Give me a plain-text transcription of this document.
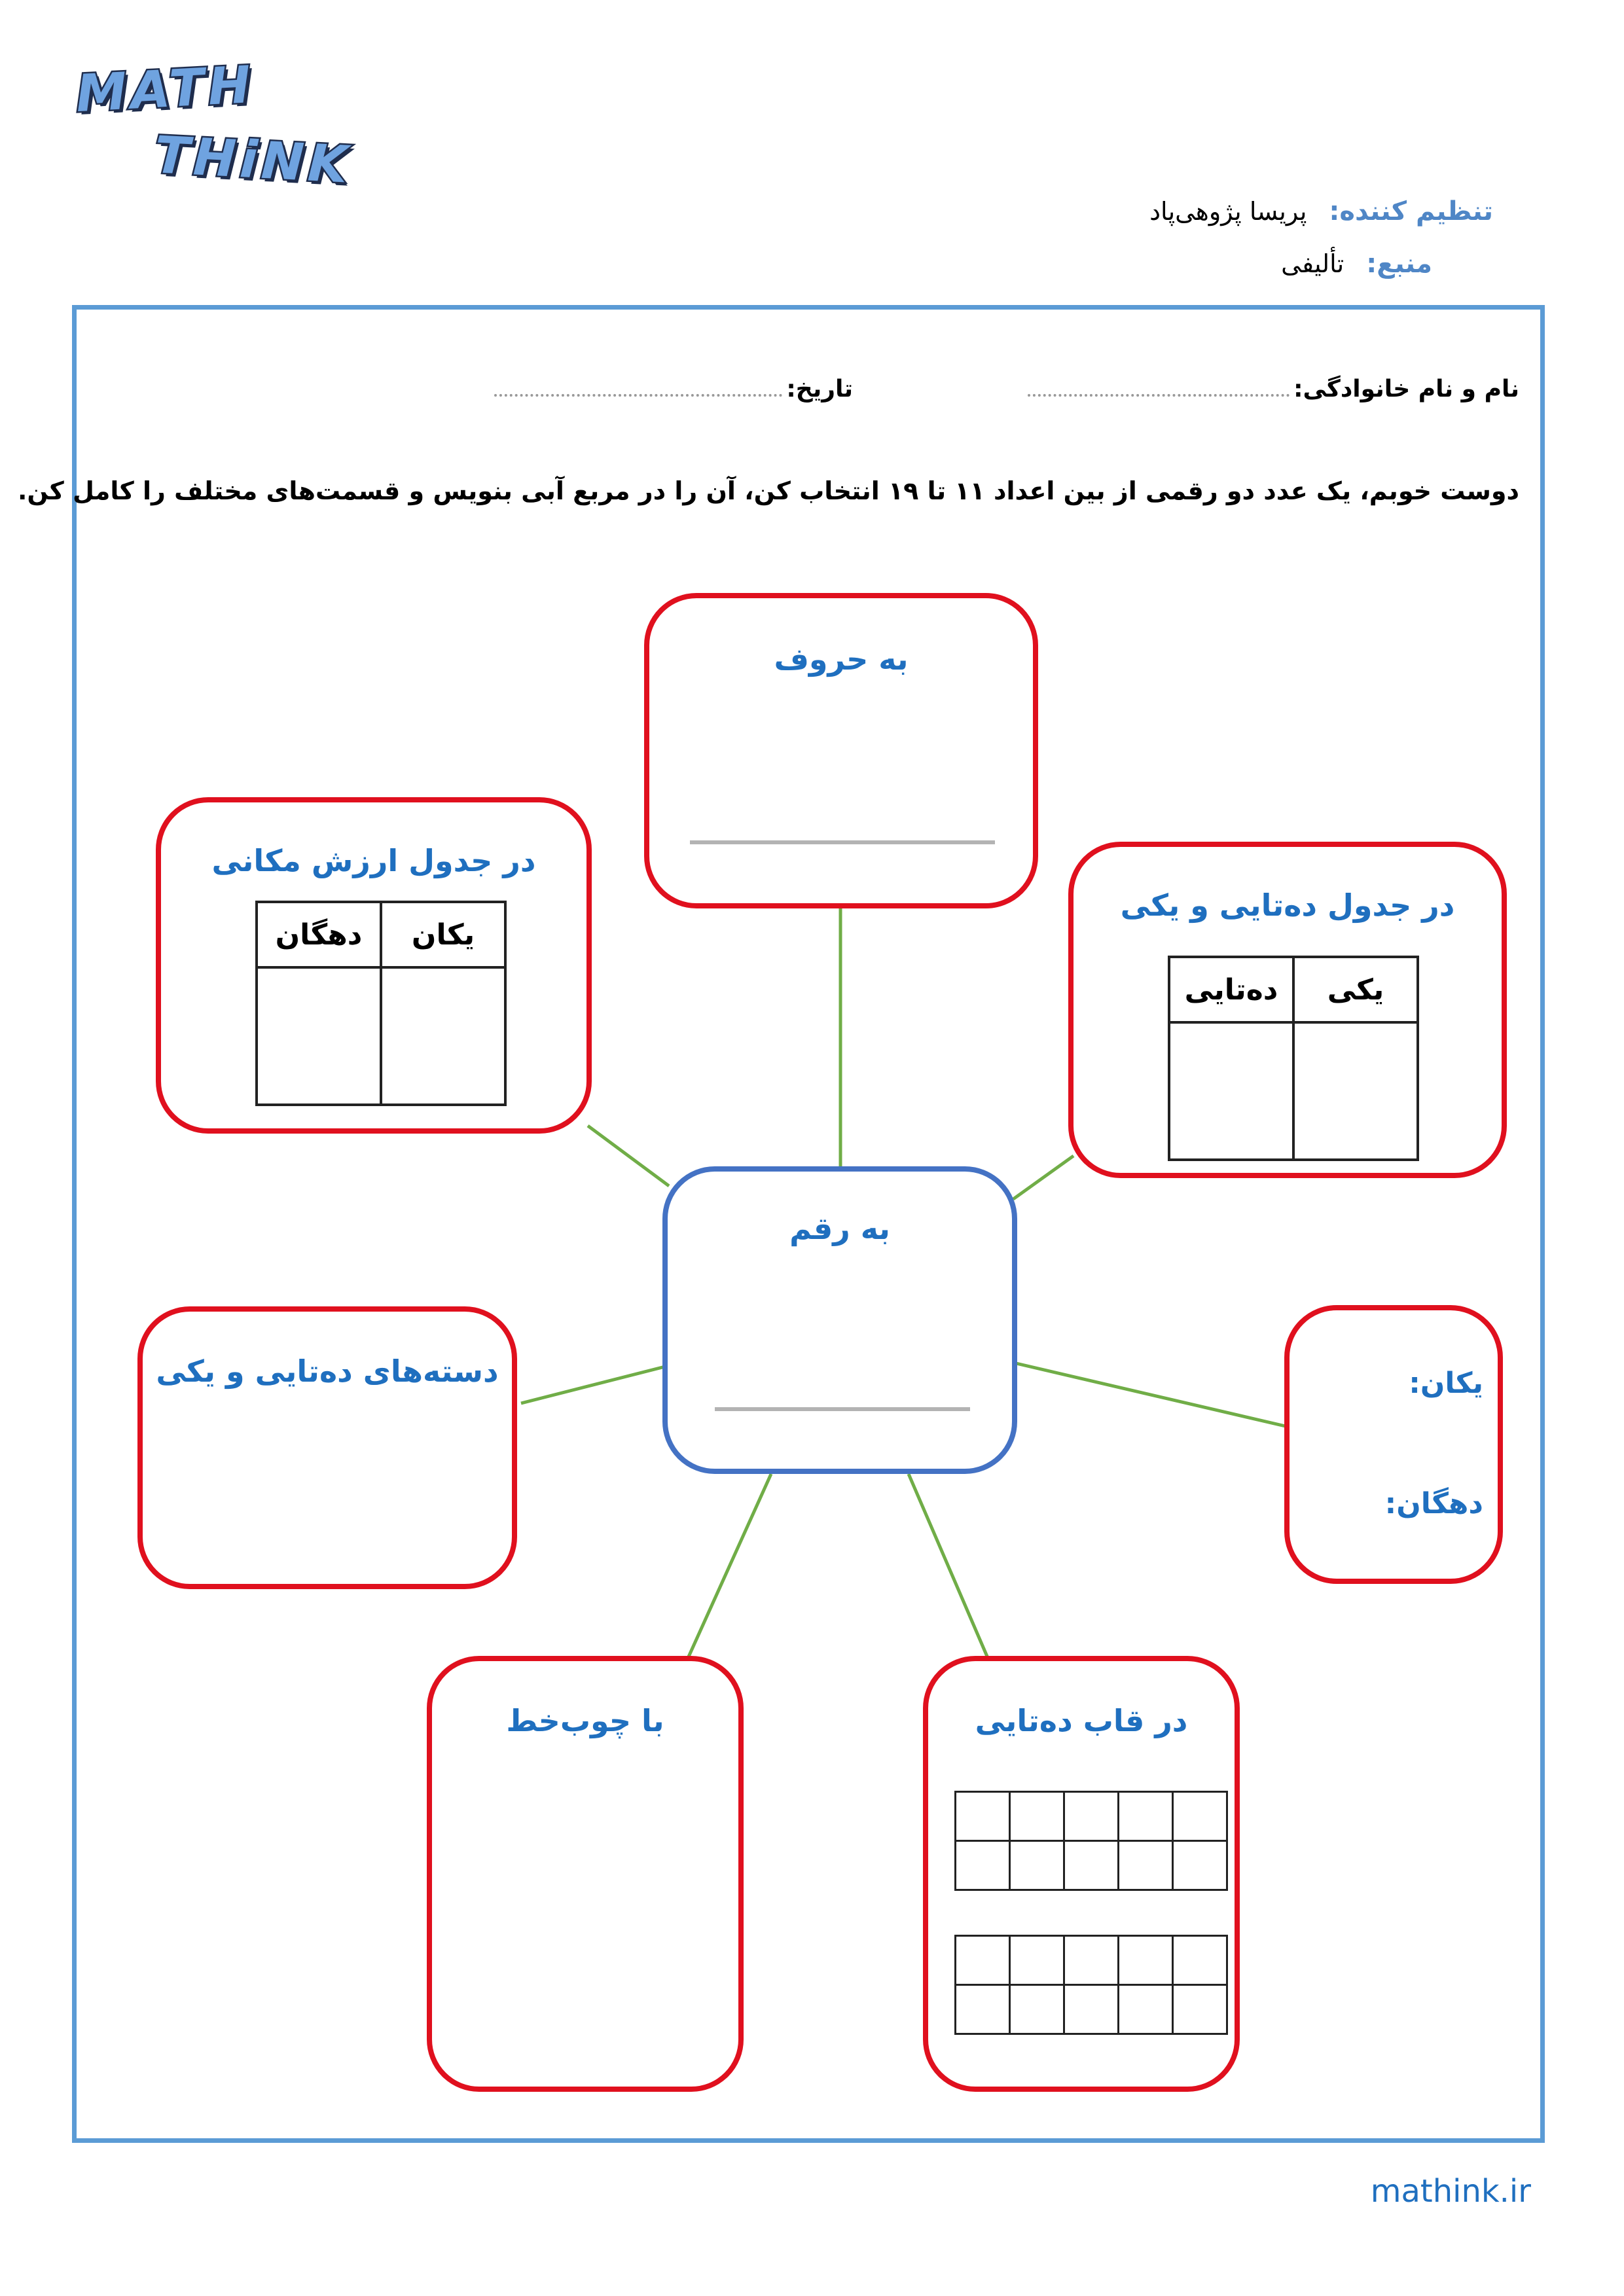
MATH
THiNK
تنظیم کننده:
پریسا پژوهی‌پاد
منبع:
تألیفی
نام و نام خانوادگی:
تاریخ:
دوست خوبم، یک عدد دو رقمی از بین اعداد ۱۱ تا ۱۹ انتخاب کن، آن را در مربع آبی بنویس و قسمت‌های مختلف را کامل کن.
به حروف
در جدول ارزش مکانی
یکان	دهگان

در جدول ده‌تایی و یکی
یکی	ده‌تایی

به رقم
دسته‌های ده‌تایی و یکی	یکان:
دهگان:
با چوب‌خط	در قاب ده‌تایی

mathink.ir
